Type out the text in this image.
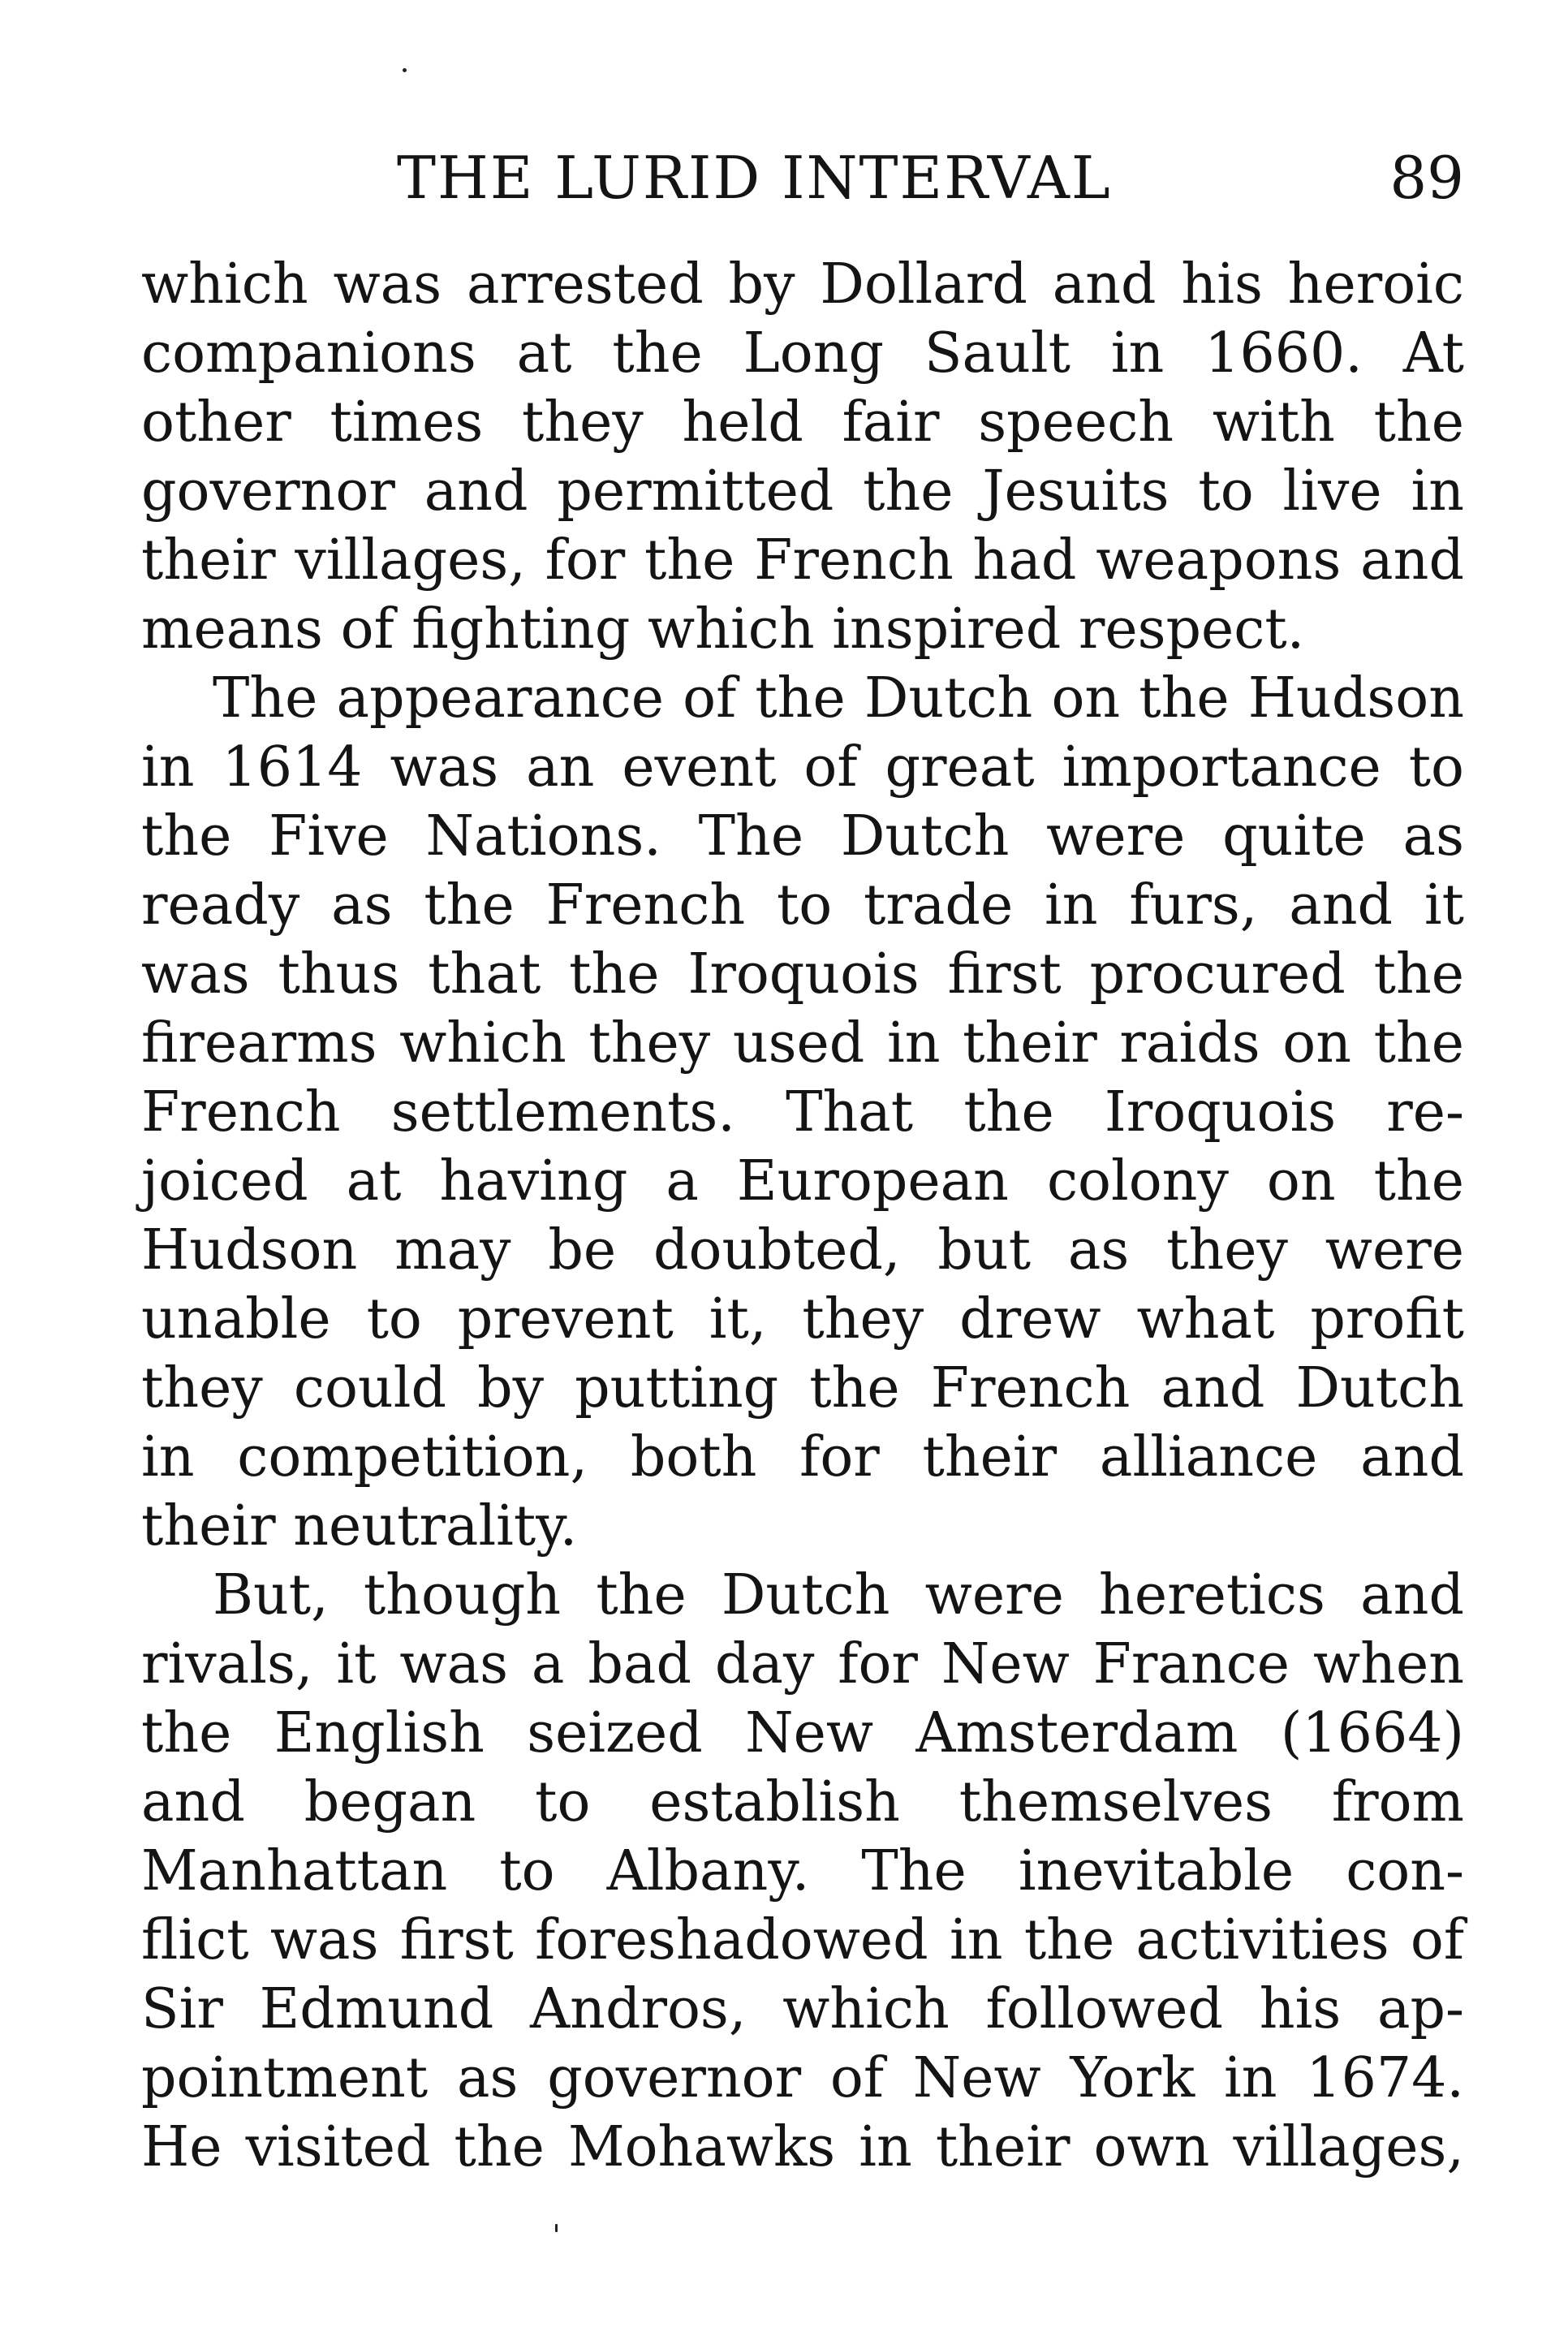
THE LURID INTERVAL	89
which was arrested by Dollard and his heroic
companions at the Long Sault in 1660. At
other times they held fair speech with the
governor and permitted the Jesuits to live in
their villages, for the French had weapons and
means of fighting which inspired respect.
The appearance of the Dutch on the Hudson
in 1614 was an event of great importance to
the Five Nations. The Dutch were quite as
ready as the French to trade in furs, and it
was thus that the Iroquois first procured the
firearms which they used in their raids on the
French settlements. That the Iroquois re-
joiced at having a European colony on the
Hudson may be doubted, but as they were
unable to prevent it, they drew what profit
they could by putting the French and Dutch
in competition, both for their alliance and
their neutrality.
But, though the Dutch were heretics and
rivals, it was a bad day for New France when
the English seized New Amsterdam (1664)
and began to establish themselves from
Manhattan to Albany. The inevitable con-
flict was first foreshadowed in the activities of
Sir Edmund Andros, which followed his ap-
pointment as governor of New York in 1674.
He visited the Mohawks in their own villages,
